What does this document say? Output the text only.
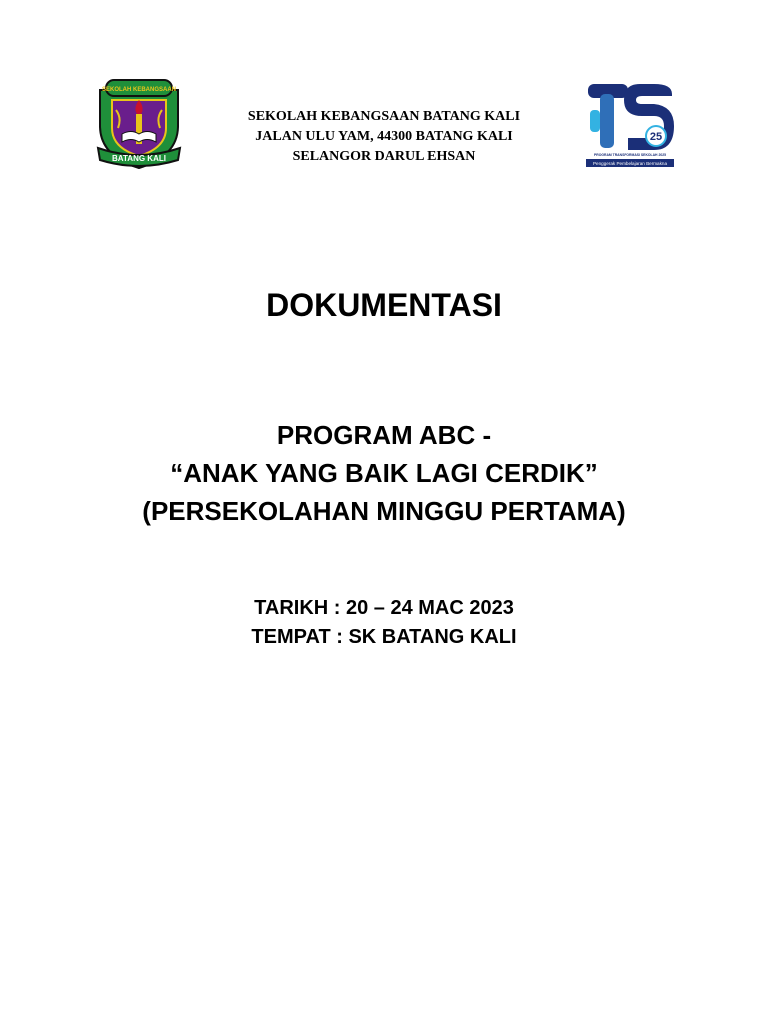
SEKOLAH KEBANGSAAN
BATANG KALI
SEKOLAH KEBANGSAAN BATANG KALI
JALAN ULU YAM, 44300 BATANG KALI
SELANGOR DARUL EHSAN
25
PROGRAM TRANSFORMASI SEKOLAH 2025
Penggerak Pembelajaran Bermakna
DOKUMENTASI
PROGRAM ABC -
“ANAK YANG BAIK LAGI CERDIK”
(PERSEKOLAHAN MINGGU PERTAMA)
TARIKH : 20 – 24 MAC 2023
TEMPAT : SK BATANG KALI
